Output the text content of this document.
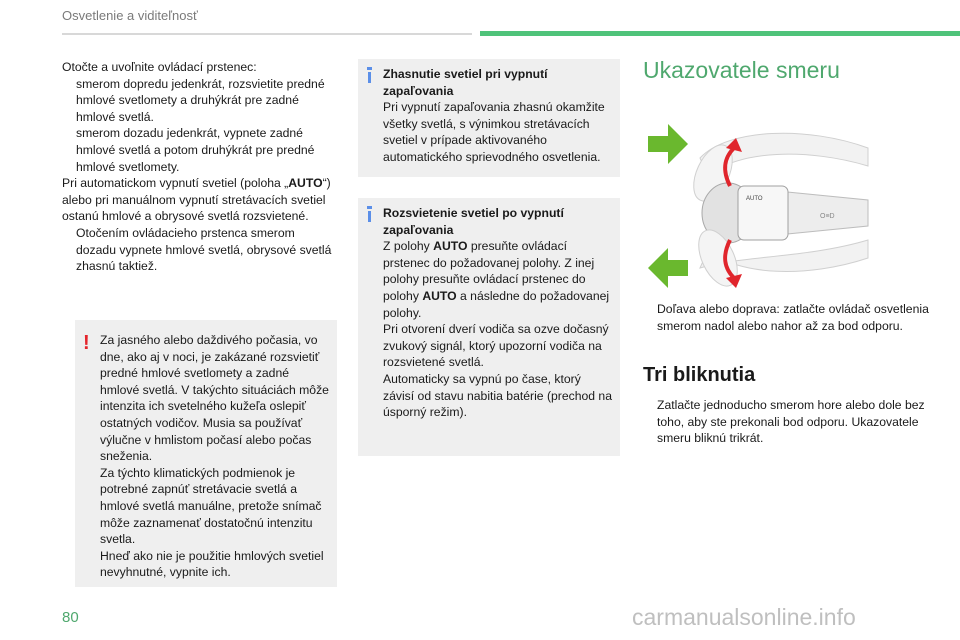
Osvetlenie a viditeľnosť

Otočte a uvoľnite ovládací prstenec:

smerom dopredu jedenkrát, rozsvietite predné hmlové svetlomety a druhýkrát pre zadné hmlové svetlá.
smerom dozadu jedenkrát, vypnete zadné hmlové svetlá a potom druhýkrát pre predné hmlové svetlomety.

Pri automatickom vypnutí svetiel (poloha „AUTO“) alebo pri manuálnom vypnutí stretávacích svetiel ostanú hmlové a obrysové svetlá rozsvietené.

Otočením ovládacieho prstenca smerom dozadu vypnete hmlové svetlá, obrysové svetlá zhasnú taktiež.
! Za jasného alebo daždivého počasia, vo dne, ako aj v noci, je zakázané rozsvietiť predné hmlové svetlomety a zadné hmlové svetlá. V takýchto situáciách môže intenzita ich svetelného kužeľa oslepiť ostatných vodičov. Musia sa používať výlučne v hmlistom počasí alebo počas sneženia.

Za týchto klimatických podmienok je potrebné zapnúť stretávacie svetlá a hmlové svetlá manuálne, pretože snímač môže zaznamenať dostatočnú intenzitu svetla.

Hneď ako nie je použitie hmlových svetiel nevyhnutné, vypnite ich.

Zhasnutie svetiel pri vypnutí zapaľovania

Pri vypnutí zapaľovania zhasnú okamžite všetky svetlá, s výnimkou stretávacích svetiel v prípade aktivovaného automatického sprievodného osvetlenia.

Rozsvietenie svetiel po vypnutí zapaľovania

Z polohy AUTO presuňte ovládací prstenec do požadovanej polohy. Z inej polohy presuňte ovládací prstenec do polohy AUTO a následne do požadovanej polohy.

Pri otvorení dverí vodiča sa ozve dočasný zvukový signál, ktorý upozorní vodiča na rozsvietené svetlá.

Automaticky sa vypnú po čase, ktorý závisí od stavu nabitia batérie (prechod na úsporný režim).

Ukazovatele smeru
AUTO
O≡D
Doľava alebo doprava: zatlačte ovládač osvetlenia smerom nadol alebo nahor až za bod odporu.
Tri bliknutia
Zatlačte jednoducho smerom hore alebo dole bez toho, aby ste prekonali bod odporu. Ukazovatele smeru bliknú trikrát.
80	carmanualsonline.info
